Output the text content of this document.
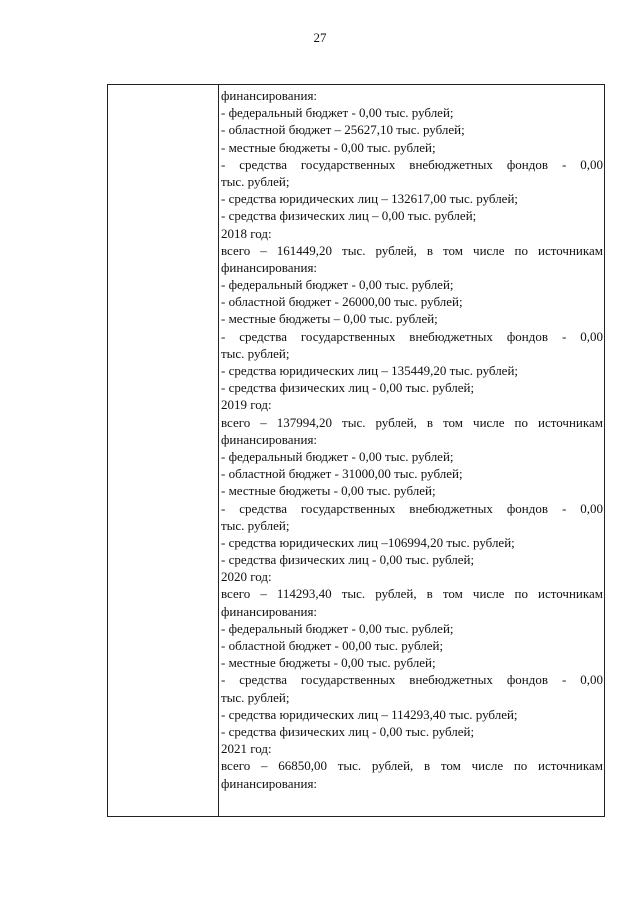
27
финансирования:
- федеральный бюджет - 0,00 тыс. рублей;
- областной бюджет – 25627,10 тыс. рублей;
- местные бюджеты - 0,00 тыс. рублей;
- средства государственных внебюджетных фондов - 0,00
тыс. рублей;
- средства юридических лиц – 132617,00 тыс. рублей;
- средства физических лиц – 0,00 тыс. рублей;
2018 год:
всего – 161449,20 тыс. рублей, в том числе по источникам
финансирования:
- федеральный бюджет - 0,00 тыс. рублей;
- областной бюджет - 26000,00 тыс. рублей;
- местные бюджеты – 0,00 тыс. рублей;
- средства государственных внебюджетных фондов - 0,00
тыс. рублей;
- средства юридических лиц – 135449,20 тыс. рублей;
- средства физических лиц - 0,00 тыс. рублей;
2019 год:
всего – 137994,20 тыс. рублей, в том числе по источникам
финансирования:
- федеральный бюджет - 0,00 тыс. рублей;
- областной бюджет - 31000,00 тыс. рублей;
- местные бюджеты - 0,00 тыс. рублей;
- средства государственных внебюджетных фондов - 0,00
тыс. рублей;
- средства юридических лиц –106994,20 тыс. рублей;
- средства физических лиц - 0,00 тыс. рублей;
2020 год:
всего – 114293,40 тыс. рублей, в том числе по источникам
финансирования:
- федеральный бюджет - 0,00 тыс. рублей;
- областной бюджет - 00,00 тыс. рублей;
- местные бюджеты - 0,00 тыс. рублей;
- средства государственных внебюджетных фондов - 0,00
тыс. рублей;
- средства юридических лиц – 114293,40 тыс. рублей;
- средства физических лиц - 0,00 тыс. рублей;
2021 год:
всего – 66850,00 тыс. рублей, в том числе по источникам
финансирования:
